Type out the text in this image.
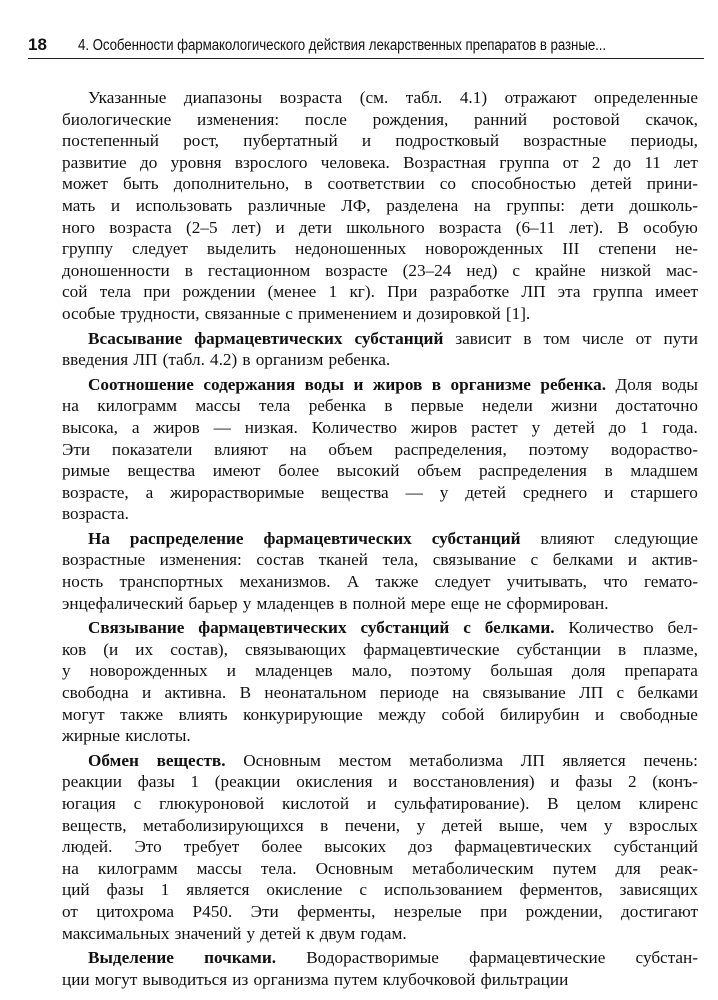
18 4. Особенности фармакологического действия лекарственных препаратов в разные...
Указанные диапазоны возраста (см. табл. 4.1) отражают определенные
биологические изменения: после рождения, ранний ростовой скачок,
постепенный рост, пубертатный и подростковый возрастные периоды,
развитие до уровня взрослого человека. Возрастная группа от 2 до 11 лет
может быть дополнительно, в соответствии со способностью детей прини-
мать и использовать различные ЛФ, разделена на группы: дети дошколь-
ного возраста (2–5 лет) и дети школьного возраста (6–11 лет). В особую
группу следует выделить недоношенных новорожденных III степени не-
доношенности в гестационном возрасте (23–24 нед) с крайне низкой мас-
сой тела при рождении (менее 1 кг). При разработке ЛП эта группа имеет
особые трудности, связанные с применением и дозировкой [1].
Всасывание фармацевтических субстанций зависит в том числе от пути
введения ЛП (табл. 4.2) в организм ребенка.
Соотношение содержания воды и жиров в организме ребенка. Доля воды
на килограмм массы тела ребенка в первые недели жизни достаточно
высока, а жиров — низкая. Количество жиров растет у детей до 1 года.
Эти показатели влияют на объем распределения, поэтому водораство-
римые вещества имеют более высокий объем распределения в младшем
возрасте, а жирорастворимые вещества — у детей среднего и старшего
возраста.
На распределение фармацевтических субстанций влияют следующие
возрастные изменения: состав тканей тела, связывание с белками и актив-
ность транспортных механизмов. А также следует учитывать, что гемато-
энцефалический барьер у младенцев в полной мере еще не сформирован.
Связывание фармацевтических субстанций с белками. Количество бел-
ков (и их состав), связывающих фармацевтические субстанции в плазме,
у новорожденных и младенцев мало, поэтому большая доля препарата
свободна и активна. В неонатальном периоде на связывание ЛП с белками
могут также влиять конкурирующие между собой билирубин и свободные
жирные кислоты.
Обмен веществ. Основным местом метаболизма ЛП является печень:
реакции фазы 1 (реакции окисления и восстановления) и фазы 2 (конъ-
югация с глюкуроновой кислотой и сульфатирование). В целом клиренс
веществ, метаболизирующихся в печени, у детей выше, чем у взрослых
людей. Это требует более высоких доз фармацевтических субстанций
на килограмм массы тела. Основным метаболическим путем для реак-
ций фазы 1 является окисление с использованием ферментов, зависящих
от цитохрома P450. Эти ферменты, незрелые при рождении, достигают
максимальных значений у детей к двум годам.
Выделение почками. Водорастворимые фармацевтические субстан-
ции могут выводиться из организма путем клубочковой фильтрации
